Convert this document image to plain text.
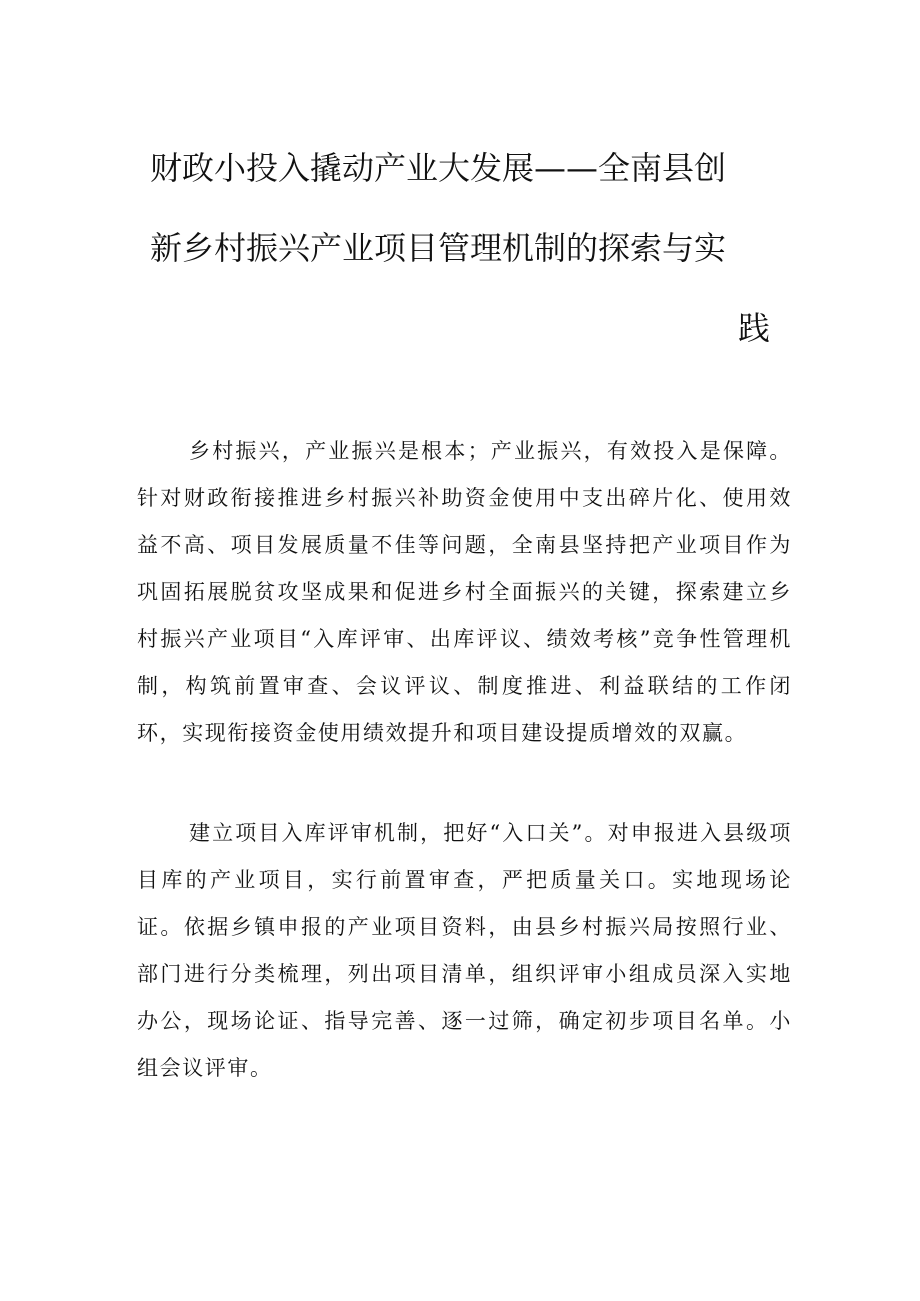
财政小投入撬动产业大发展——全南县创
新乡村振兴产业项目管理机制的探索与实
践

乡村振兴，产业振兴是根本；产业振兴，有效投入是保障。针对财政衔接推进乡村振兴补助资金使用中支出碎片化、使用效益不高、项目发展质量不佳等问题，全南县坚持把产业项目作为巩固拓展脱贫攻坚成果和促进乡村全面振兴的关键，探索建立乡村振兴产业项目“入库评审、出库评议、绩效考核”竞争性管理机制，构筑前置审查、会议评议、制度推进、利益联结的工作闭环，实现衔接资金使用绩效提升和项目建设提质增效的双赢。

建立项目入库评审机制，把好“入口关”。对申报进入县级项目库的产业项目，实行前置审查，严把质量关口。实地现场论证。依据乡镇申报的产业项目资料，由县乡村振兴局按照行业、部门进行分类梳理，列出项目清单，组织评审小组成员深入实地办公，现场论证、指导完善、逐一过筛，确定初步项目名单。小组会议评审。
